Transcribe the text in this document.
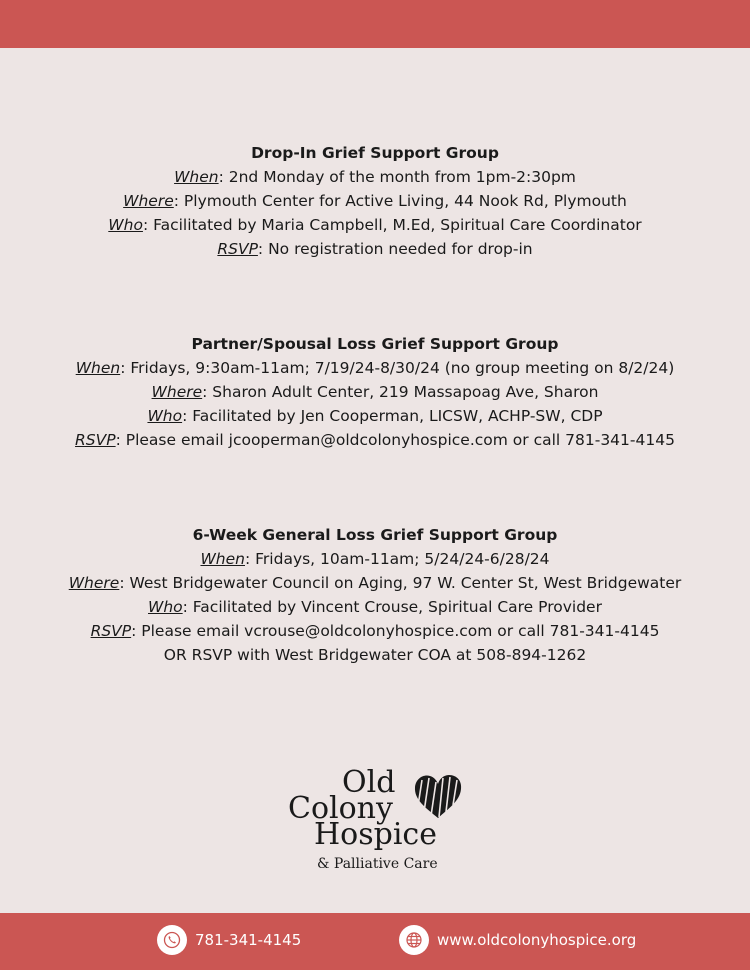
Drop-In Grief Support Group
When: 2nd Monday of the month from 1pm-2:30pm
Where: Plymouth Center for Active Living, 44 Nook Rd, Plymouth
Who: Facilitated by Maria Campbell, M.Ed, Spiritual Care Coordinator
RSVP: No registration needed for drop-in
Partner/Spousal Loss Grief Support Group
When: Fridays, 9:30am-11am; 7/19/24-8/30/24 (no group meeting on 8/2/24)
Where: Sharon Adult Center, 219 Massapoag Ave, Sharon
Who: Facilitated by Jen Cooperman, LICSW, ACHP-SW, CDP
RSVP: Please email jcooperman@oldcolonyhospice.com or call 781-341-4145
6-Week General Loss Grief Support Group
When: Fridays, 10am-11am; 5/24/24-6/28/24
Where: West Bridgewater Council on Aging, 97 W. Center St, West Bridgewater
Who: Facilitated by Vincent Crouse, Spiritual Care Provider
RSVP: Please email vcrouse@oldcolonyhospice.com or call 781-341-4145
OR RSVP with West Bridgewater COA at 508-894-1262
Old
Colony
Hospice
& Palliative Care
781-341-4145	www.oldcolonyhospice.org
